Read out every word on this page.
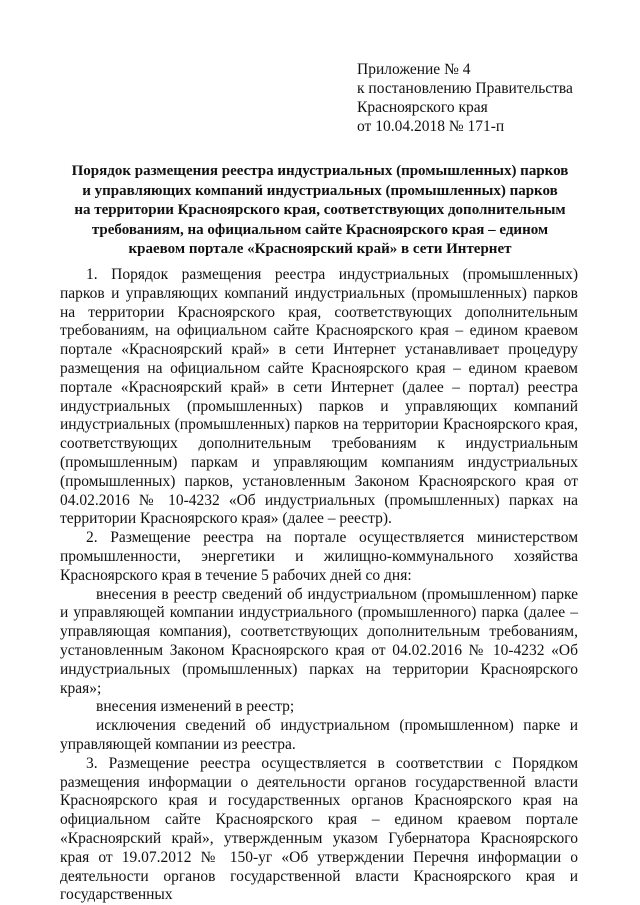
Приложение № 4
к постановлению Правительства
Красноярского края
от 10.04.2018 № 171-п
Порядок размещения реестра индустриальных (промышленных) парков
и управляющих компаний индустриальных (промышленных) парков
на территории Красноярского края, соответствующих дополнительным
требованиям, на официальном сайте Красноярского края – едином
краевом портале «Красноярский край» в сети Интернет

1. Порядок размещения реестра индустриальных (промышленных) парков и управляющих компаний индустриальных (промышленных) парков на территории Красноярского края, соответствующих дополнительным требованиям, на официальном сайте Красноярского края – едином краевом портале «Красноярский край» в сети Интернет устанавливает процедуру размещения на официальном сайте Красноярского края – едином краевом портале «Красноярский край» в сети Интернет (далее – портал) реестра индустриальных (промышленных) парков и управляющих компаний индустриальных (промышленных) парков на территории Красноярского края, соответствующих дополнительным требованиям к индустриальным (промышленным) паркам и управляющим компаниям индустриальных (промышленных) парков, установленным Законом Красноярского края от 04.02.2016 № 10-4232 «Об индустриальных (промышленных) парках на территории Красноярского края» (далее – реестр).

2. Размещение реестра на портале осуществляется министерством промышленности, энергетики и жилищно-коммунального хозяйства Красноярского края в течение 5 рабочих дней со дня:

внесения в реестр сведений об индустриальном (промышленном) парке и управляющей компании индустриального (промышленного) парка (далее – управляющая компания), соответствующих дополнительным требованиям, установленным Законом Красноярского края от 04.02.2016 № 10-4232 «Об индустриальных (промышленных) парках на территории Красноярского края»;

внесения изменений в реестр;

исключения сведений об индустриальном (промышленном) парке и управляющей компании из реестра.

3. Размещение реестра осуществляется в соответствии с Порядком размещения информации о деятельности органов государственной власти Красноярского края и государственных органов Красноярского края на официальном сайте Красноярского края – едином краевом портале «Красноярский край», утвержденным указом Губернатора Красноярского края от 19.07.2012 № 150-уг «Об утверждении Перечня информации о деятельности органов государственной власти Красноярского края и государственных
